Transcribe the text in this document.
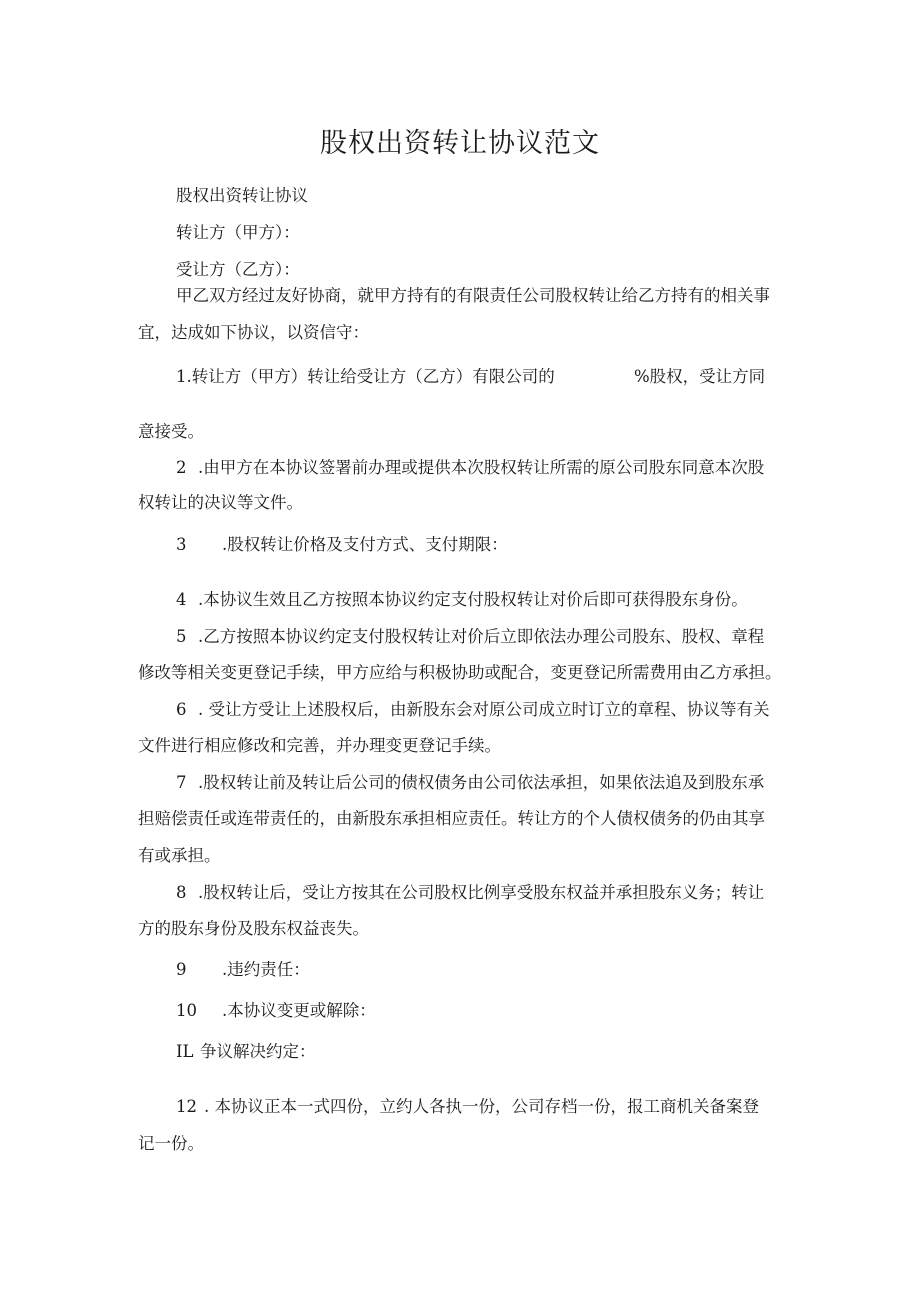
股权出资转让协议范文
股权出资转让协议
转让方（甲方）：
受让方（乙方）：
甲乙双方经过友好协商，就甲方持有的有限责任公司股权转让给乙方持有的相关事
宜，达成如下协议，以资信守：
1.转让方（甲方）转让给受让方（乙方）有限公司的	%股权，受让方同
意接受。
2 .由甲方在本协议签署前办理或提供本次股权转让所需的原公司股东同意本次股
权转让的决议等文件。
3 .股权转让价格及支付方式、支付期限：
4 .本协议生效且乙方按照本协议约定支付股权转让对价后即可获得股东身份。
5 .乙方按照本协议约定支付股权转让对价后立即依法办理公司股东、股权、章程
修改等相关变更登记手续，甲方应给与积极协助或配合，变更登记所需费用由乙方承担。
6 . 受让方受让上述股权后，由新股东会对原公司成立时订立的章程、协议等有关
文件进行相应修改和完善，并办理变更登记手续。
7 .股权转让前及转让后公司的债权债务由公司依法承担，如果依法追及到股东承
担赔偿责任或连带责任的，由新股东承担相应责任。转让方的个人债权债务的仍由其享
有或承担。
8 .股权转让后，受让方按其在公司股权比例享受股东权益并承担股东义务；转让
方的股东身份及股东权益丧失。
9 .违约责任：
10 .本协议变更或解除：
IL 争议解决约定：
12 . 本协议正本一式四份，立约人各执一份，公司存档一份，报工商机关备案登
记一份。
